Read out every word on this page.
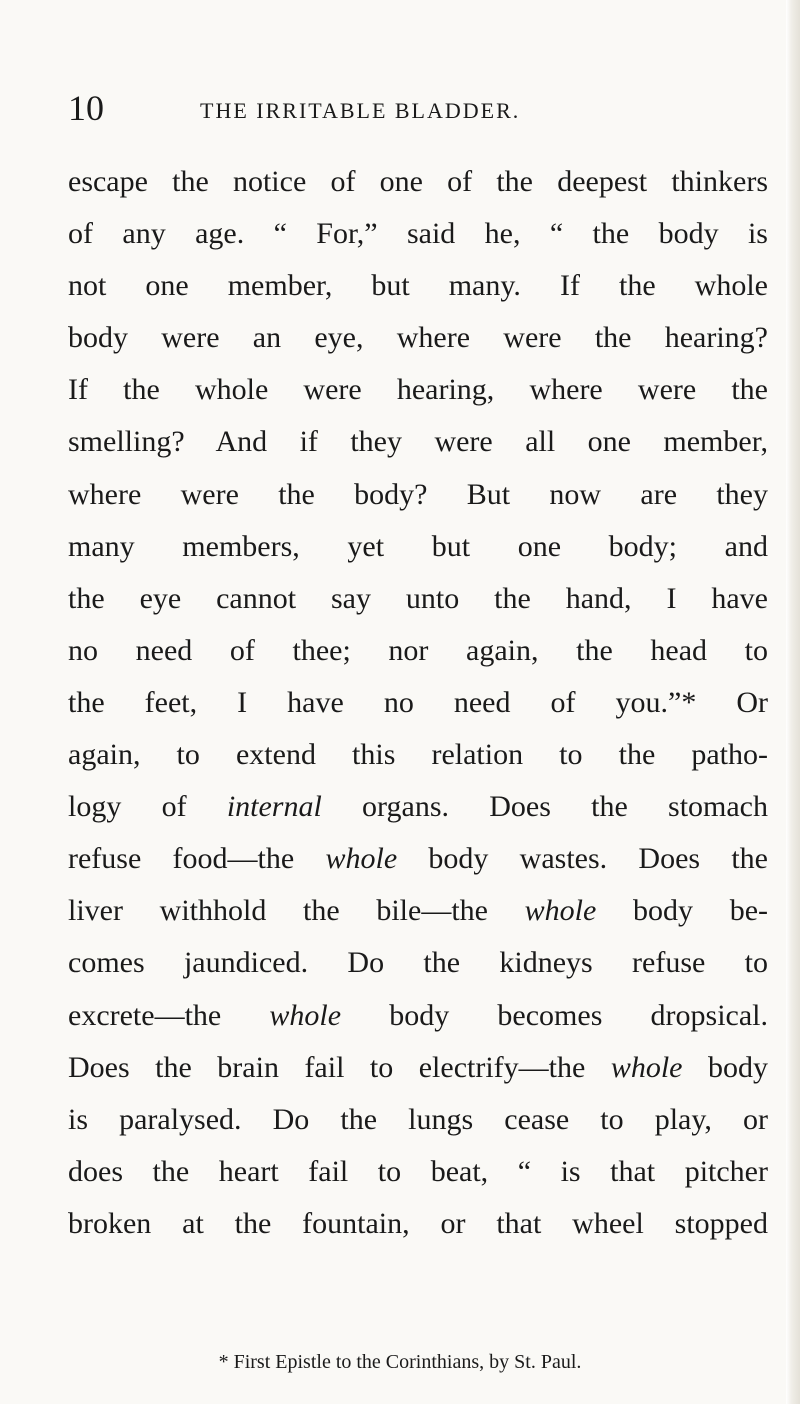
10	THE IRRITABLE BLADDER.
escape the notice of one of the deepest thinkers
of any age. “ For,” said he, “ the body is
not one member, but many. If the whole
body were an eye, where were the hearing?
If the whole were hearing, where were the
smelling? And if they were all one member,
where were the body? But now are they
many members, yet but one body; and
the eye cannot say unto the hand, I have
no need of thee; nor again, the head to
the feet, I have no need of you.”* Or
again, to extend this relation to the patho-
logy of internal organs. Does the stomach
refuse food—the whole body wastes. Does the
liver withhold the bile—the whole body be-
comes jaundiced. Do the kidneys refuse to
excrete—the whole body becomes dropsical.
Does the brain fail to electrify—the whole body
is paralysed. Do the lungs cease to play, or
does the heart fail to beat, “ is that pitcher
broken at the fountain, or that wheel stopped
* First Epistle to the Corinthians, by St. Paul.
